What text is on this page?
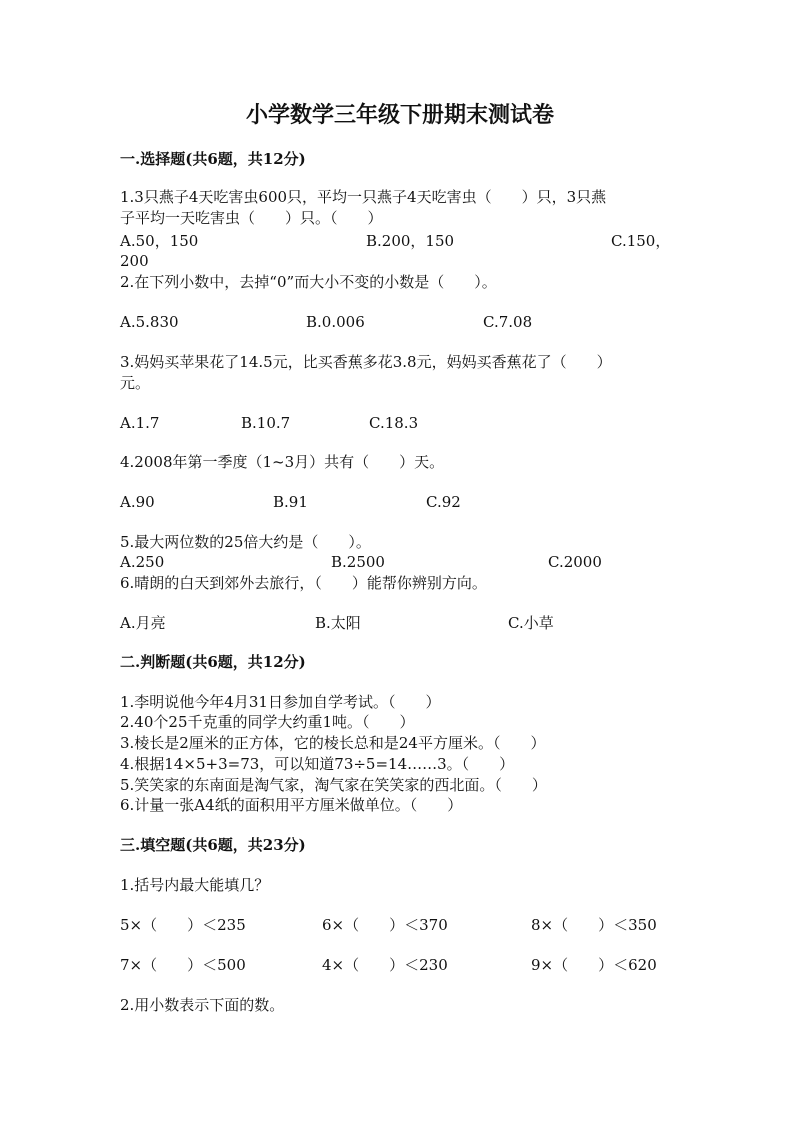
小学数学三年级下册期末测试卷
一.选择题(共6题，共12分)
1.3只燕子4天吃害虫600只，平均一只燕子4天吃害虫（　　）只，3只燕
子平均一天吃害虫（　　）只。（　　）
A.50，150	B.200，150	C.150，
200
2.在下列小数中，去掉“0”而大小不变的小数是（　　）。
A.5.830	B.0.006	C.7.08
3.妈妈买苹果花了14.5元，比买香蕉多花3.8元，妈妈买香蕉花了（　　）
元。
A.1.7	B.10.7	C.18.3
4.2008年第一季度（1~3月）共有（　　）天。
A.90	B.91	C.92
5.最大两位数的25倍大约是（　　）。
A.250	B.2500	C.2000
6.晴朗的白天到郊外去旅行，（　　）能帮你辨别方向。
A.月亮	B.太阳	C.小草
二.判断题(共6题，共12分)
1.李明说他今年4月31日参加自学考试。（　　）
2.40个25千克重的同学大约重1吨。（　　）
3.棱长是2厘米的正方体，它的棱长总和是24平方厘米。（　　）
4.根据14×5+3=73，可以知道73÷5=14……3。（　　）
5.笑笑家的东南面是淘气家，淘气家在笑笑家的西北面。（　　）
6.计量一张A4纸的面积用平方厘米做单位。（　　）
三.填空题(共6题，共23分)
1.括号内最大能填几？
5×（　　）＜235	6×（　　）＜370	8×（　　）＜350
7×（　　）＜500	4×（　　）＜230	9×（　　）＜620
2.用小数表示下面的数。
